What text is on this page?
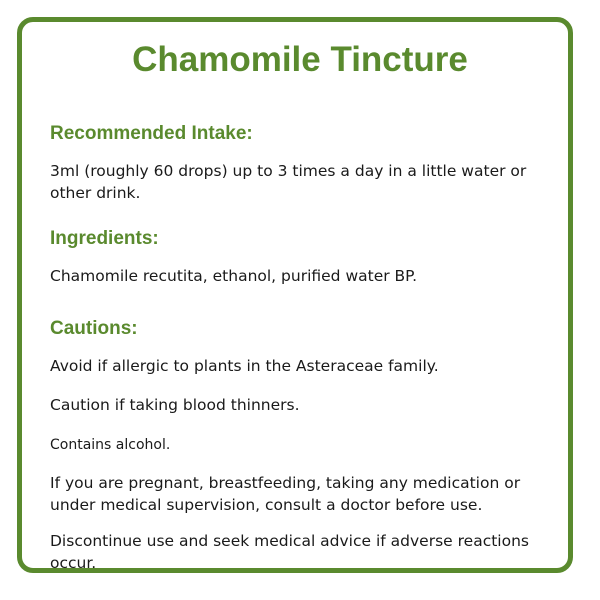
Chamomile Tincture
Recommended Intake:

3ml (roughly 60 drops) up to 3 times a day in a little water or other drink.

Ingredients:

Chamomile recutita, ethanol, purified water BP.

Cautions:

Avoid if allergic to plants in the Asteraceae family.

Caution if taking blood thinners.

Contains alcohol.

If you are pregnant, breastfeeding, taking any medication or under medical supervision, consult a doctor before use.

Discontinue use and seek medical advice if adverse reactions occur.
